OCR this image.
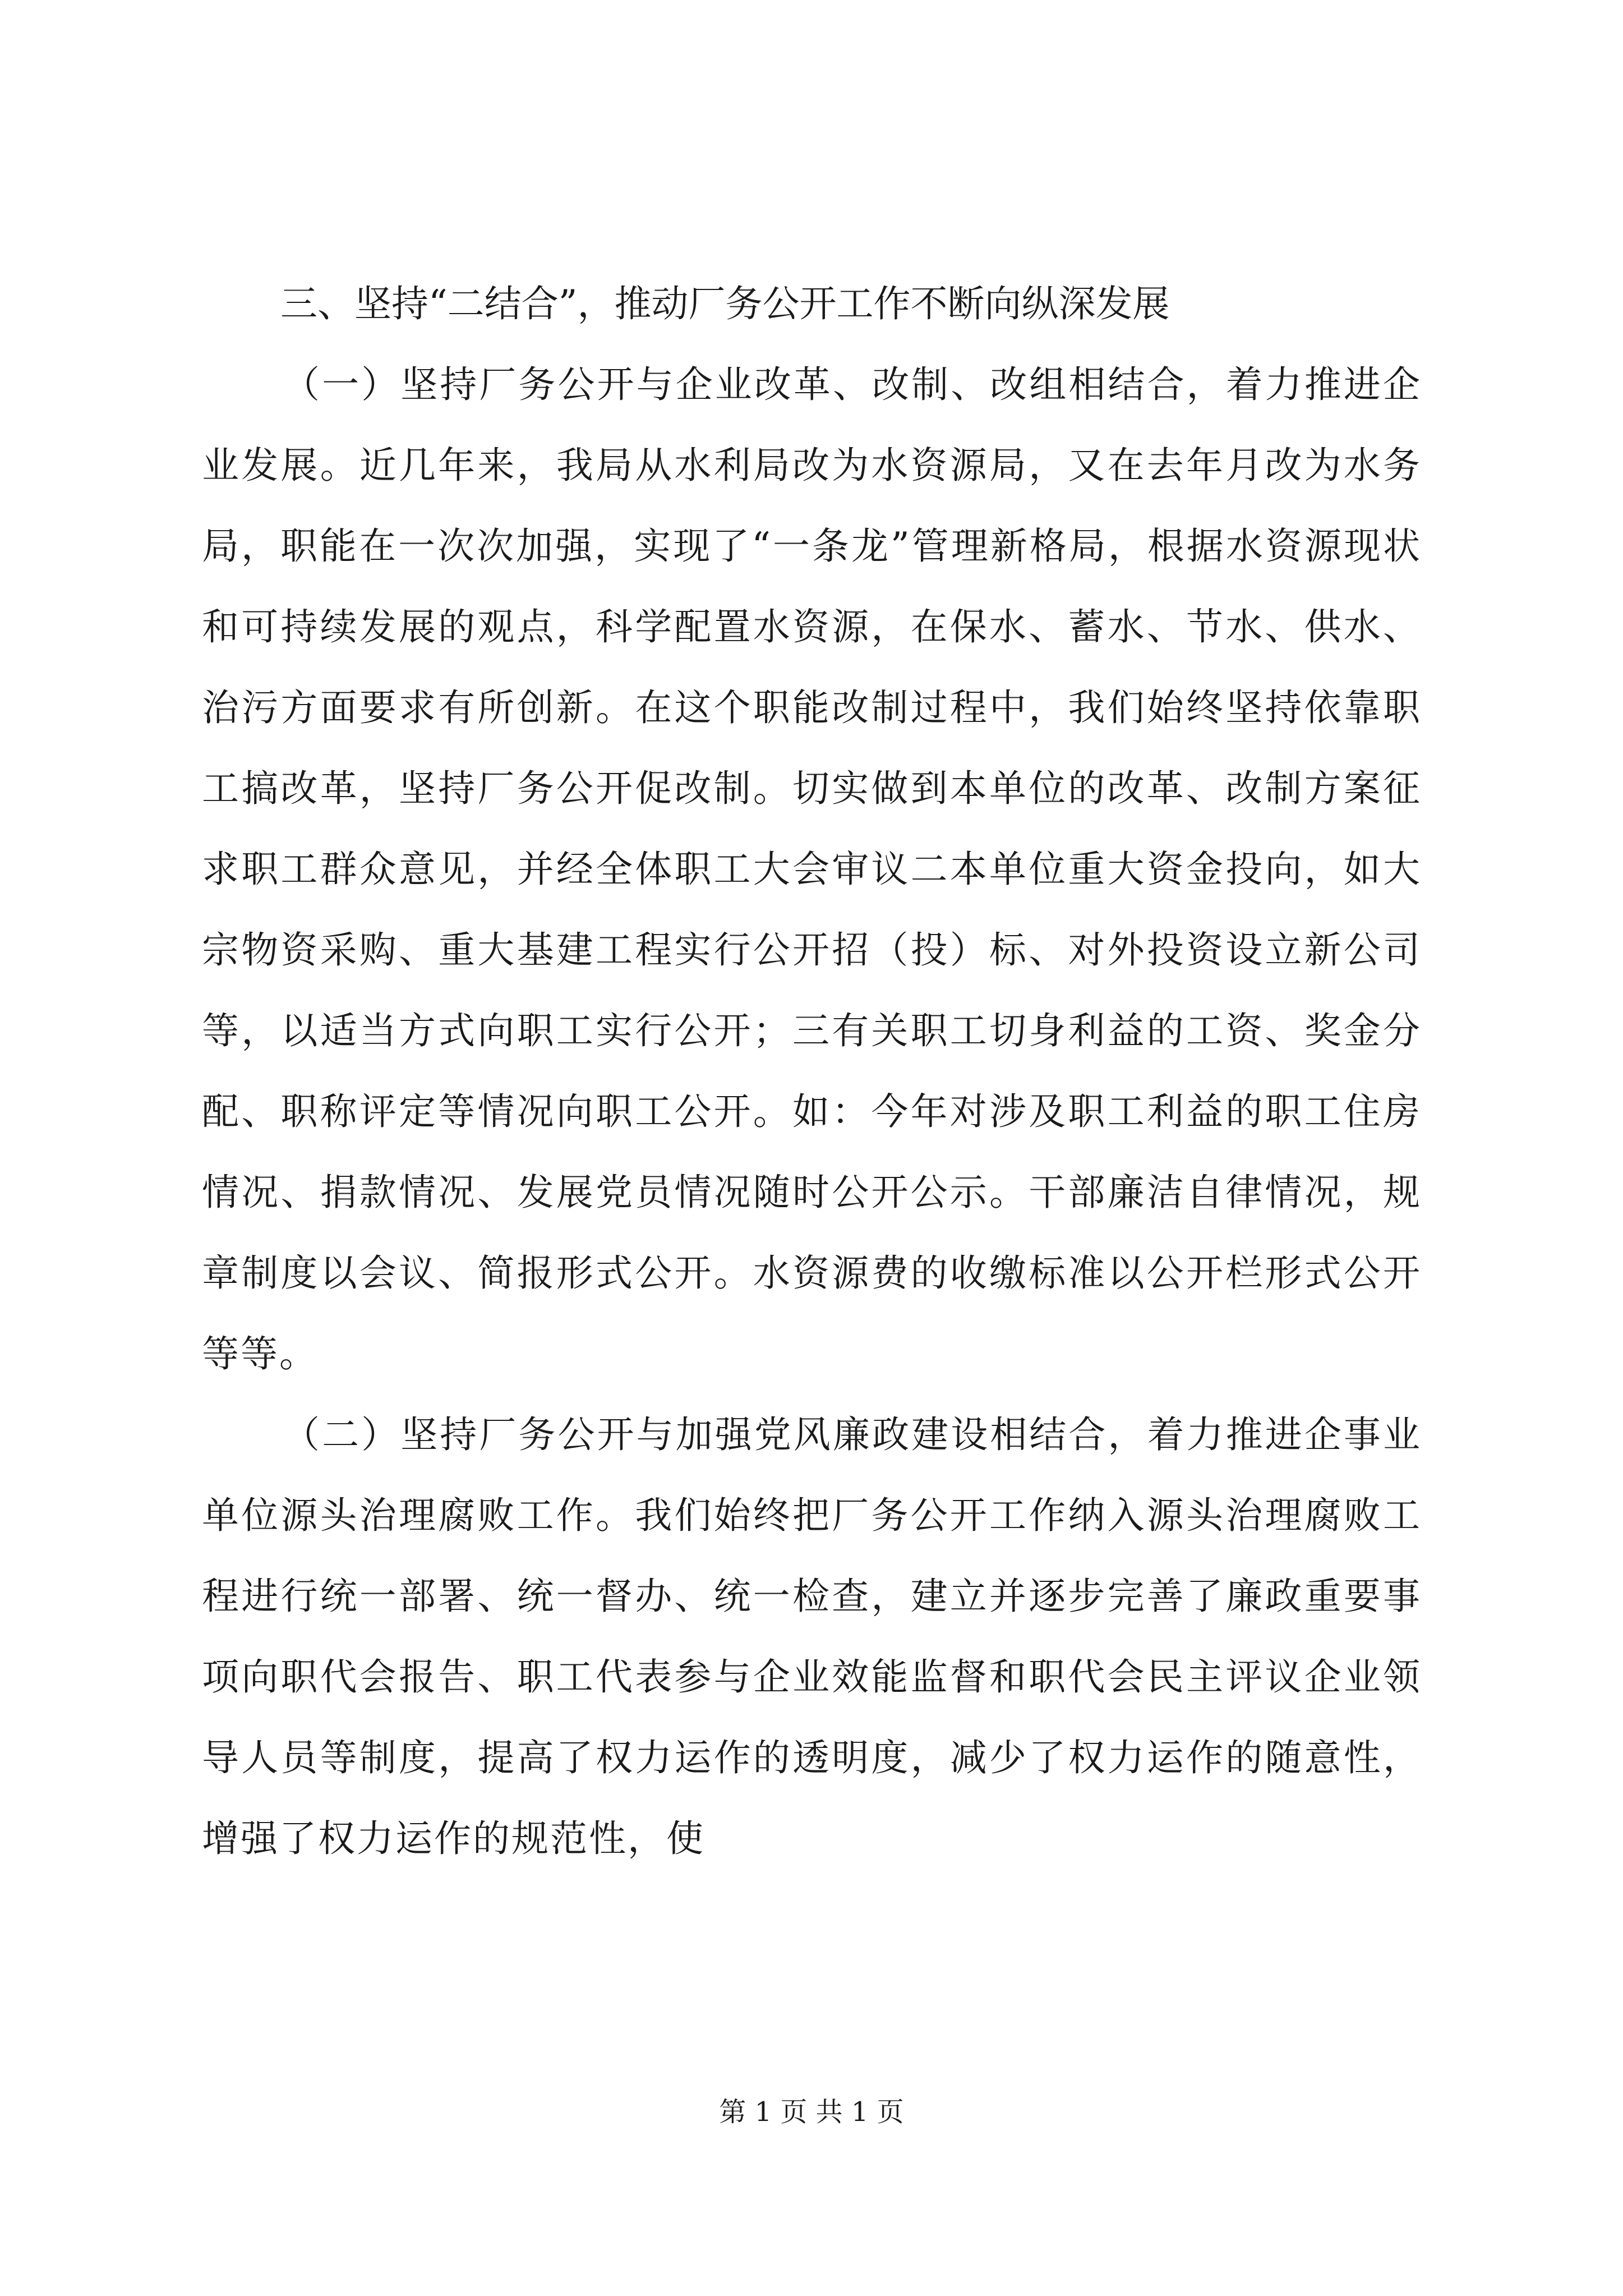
三、坚持“二结合”，推动厂务公开工作不断向纵深发展

（一）坚持厂务公开与企业改革、改制、改组相结合，着力推进企业发展。近几年来，我局从水利局改为水资源局，又在去年月改为水务局，职能在一次次加强，实现了“一条龙”管理新格局，根据水资源现状和可持续发展的观点，科学配置水资源，在保水、蓄水、节水、供水、治污方面要求有所创新。在这个职能改制过程中，我们始终坚持依靠职工搞改革，坚持厂务公开促改制。切实做到本单位的改革、改制方案征求职工群众意见，并经全体职工大会审议二本单位重大资金投向，如大宗物资采购、重大基建工程实行公开招（投）标、对外投资设立新公司等，以适当方式向职工实行公开；三有关职工切身利益的工资、奖金分配、职称评定等情况向职工公开。如：今年对涉及职工利益的职工住房情况、捐款情况、发展党员情况随时公开公示。干部廉洁自律情况，规章制度以会议、简报形式公开。水资源费的收缴标准以公开栏形式公开等等。

（二）坚持厂务公开与加强党风廉政建设相结合，着力推进企事业单位源头治理腐败工作。我们始终把厂务公开工作纳入源头治理腐败工程进行统一部署、统一督办、统一检查，建立并逐步完善了廉政重要事项向职代会报告、职工代表参与企业效能监督和职代会民主评议企业领导人员等制度，提高了权力运作的透明度，减少了权力运作的随意性，增强了权力运作的规范性，使

第 1 页 共 1 页
